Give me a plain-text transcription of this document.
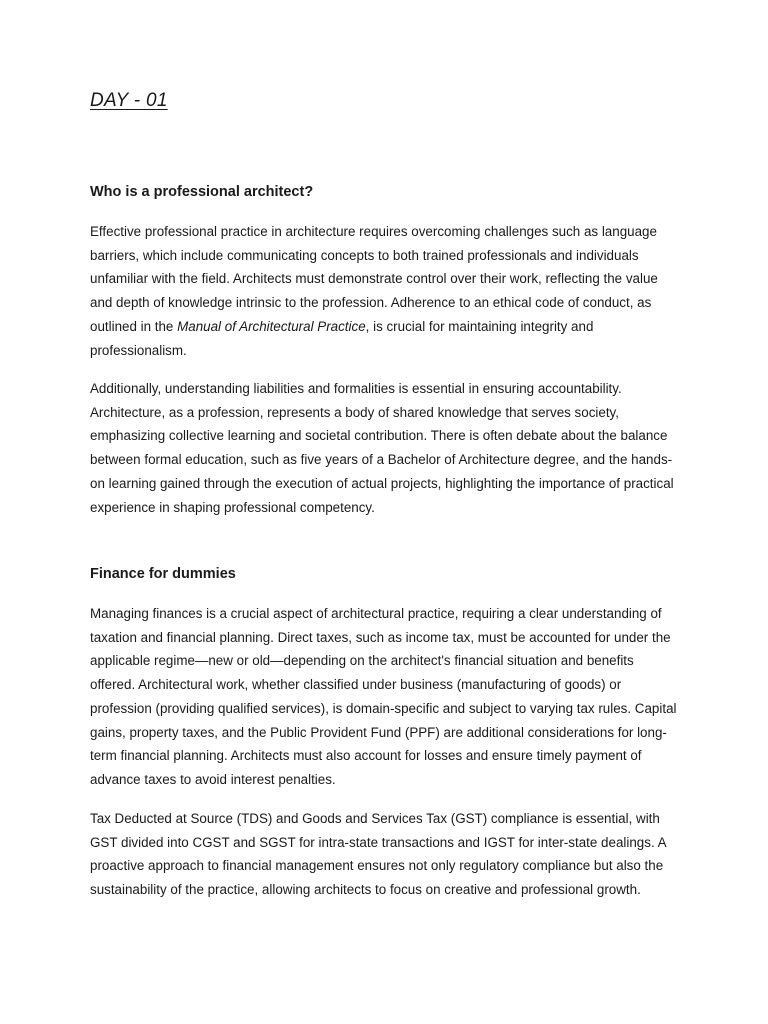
DAY - 01
Who is a professional architect?

Effective professional practice in architecture requires overcoming challenges such as language barriers, which include communicating concepts to both trained professionals and individuals unfamiliar with the field. Architects must demonstrate control over their work, reflecting the value and depth of knowledge intrinsic to the profession. Adherence to an ethical code of conduct, as outlined in the Manual of Architectural Practice, is crucial for maintaining integrity and professionalism.

Additionally, understanding liabilities and formalities is essential in ensuring accountability. Architecture, as a profession, represents a body of shared knowledge that serves society, emphasizing collective learning and societal contribution. There is often debate about the balance between formal education, such as five years of a Bachelor of Architecture degree, and the hands-on learning gained through the execution of actual projects, highlighting the importance of practical experience in shaping professional competency.

Finance for dummies

Managing finances is a crucial aspect of architectural practice, requiring a clear understanding of taxation and financial planning. Direct taxes, such as income tax, must be accounted for under the applicable regime—new or old—depending on the architect's financial situation and benefits offered. Architectural work, whether classified under business (manufacturing of goods) or profession (providing qualified services), is domain-specific and subject to varying tax rules. Capital gains, property taxes, and the Public Provident Fund (PPF) are additional considerations for long-term financial planning. Architects must also account for losses and ensure timely payment of advance taxes to avoid interest penalties.

Tax Deducted at Source (TDS) and Goods and Services Tax (GST) compliance is essential, with GST divided into CGST and SGST for intra-state transactions and IGST for inter-state dealings. A proactive approach to financial management ensures not only regulatory compliance but also the sustainability of the practice, allowing architects to focus on creative and professional growth.
